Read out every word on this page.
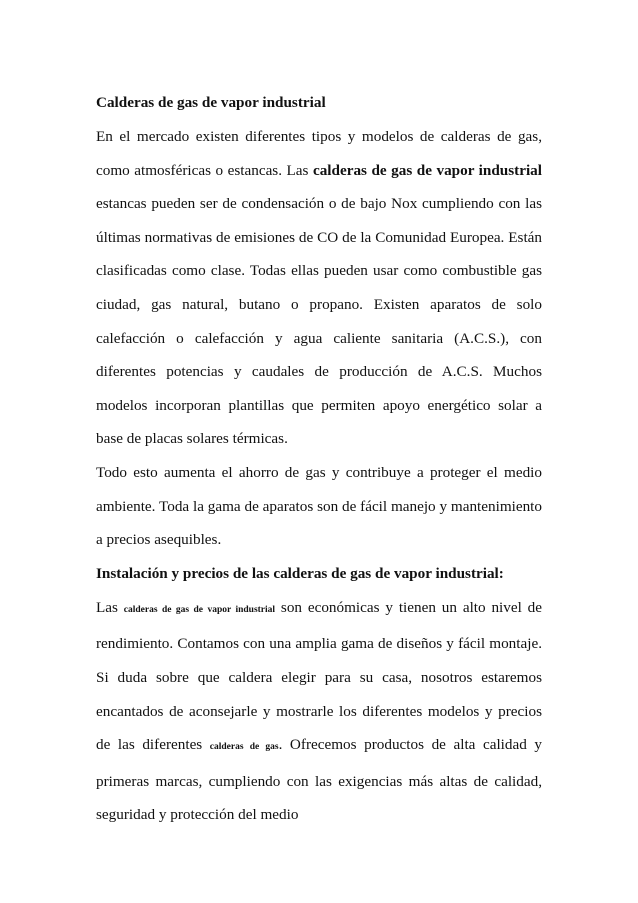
Calderas de gas de vapor industrial

En el mercado existen diferentes tipos y modelos de calderas de gas, como atmosféricas o estancas. Las calderas de gas de vapor industrial estancas pueden ser de condensación o de bajo Nox cumpliendo con las últimas normativas de emisiones de CO de la Comunidad Europea. Están clasificadas como clase. Todas ellas pueden usar como combustible gas ciudad, gas natural, butano o propano. Existen aparatos de solo calefacción o calefacción y agua caliente sanitaria (A.C.S.), con diferentes potencias y caudales de producción de A.C.S. Muchos modelos incorporan plantillas que permiten apoyo energético solar a base de placas solares térmicas.

Todo esto aumenta el ahorro de gas y contribuye a proteger el medio ambiente. Toda la gama de aparatos son de fácil manejo y mantenimiento a precios asequibles.

Instalación y precios de las calderas de gas de vapor industrial:

Las calderas de gas de vapor industrial son económicas y tienen un alto nivel de rendimiento. Contamos con una amplia gama de diseños y fácil montaje. Si duda sobre que caldera elegir para su casa, nosotros estaremos encantados de aconsejarle y mostrarle los diferentes modelos y precios de las diferentes calderas de gas. Ofrecemos productos de alta calidad y primeras marcas, cumpliendo con las exigencias más altas de calidad, seguridad y protección del medio
